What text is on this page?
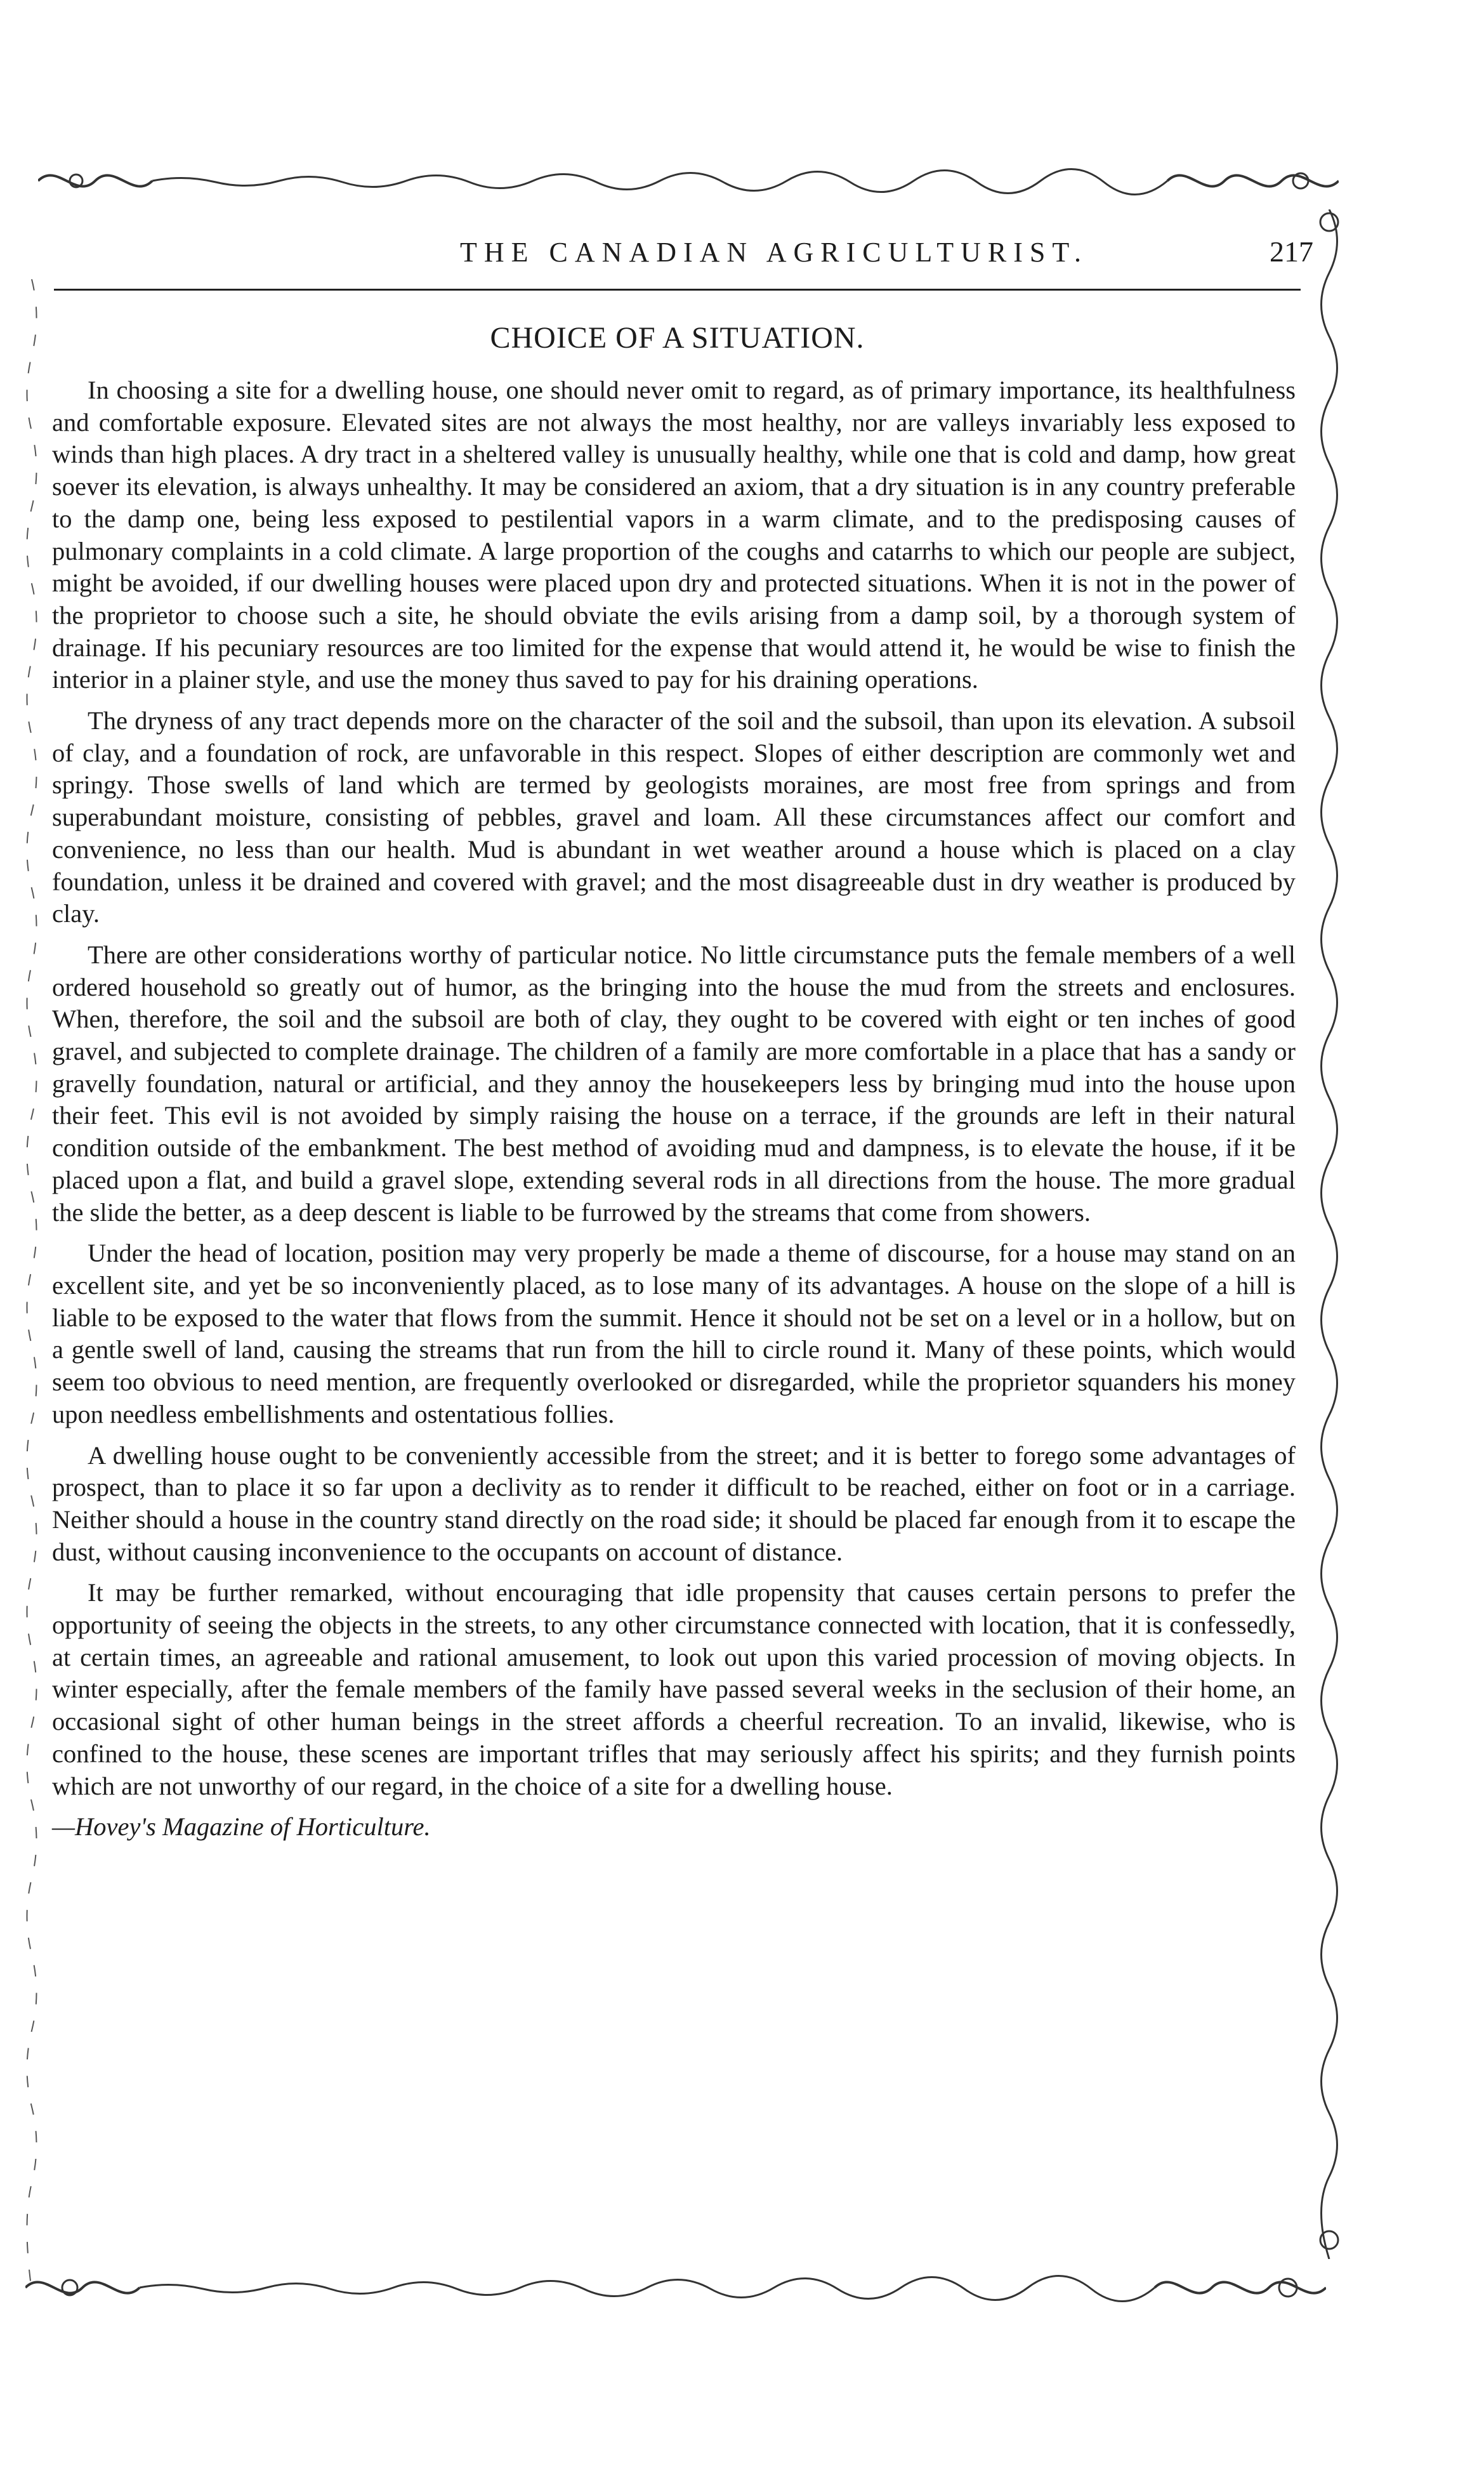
THE CANADIAN AGRICULTURIST.	217
CHOICE OF A SITUATION.

In choosing a site for a dwelling house, one should never omit to regard, as of primary importance, its healthfulness and comfortable exposure. Elevated sites are not always the most healthy, nor are valleys invariably less exposed to winds than high places. A dry tract in a sheltered valley is unusually healthy, while one that is cold and damp, how great soever its elevation, is always unhealthy. It may be considered an axiom, that a dry situation is in any country preferable to the damp one, being less exposed to pestilential vapors in a warm climate, and to the predisposing causes of pulmonary complaints in a cold climate. A large proportion of the coughs and catarrhs to which our people are subject, might be avoided, if our dwelling houses were placed upon dry and protected situations. When it is not in the power of the proprietor to choose such a site, he should obviate the evils arising from a damp soil, by a thorough system of drainage. If his pecuniary resources are too limited for the expense that would attend it, he would be wise to finish the interior in a plainer style, and use the money thus saved to pay for his draining operations.

The dryness of any tract depends more on the character of the soil and the subsoil, than upon its elevation. A subsoil of clay, and a foundation of rock, are unfavorable in this respect. Slopes of either description are commonly wet and springy. Those swells of land which are termed by geologists moraines, are most free from springs and from superabundant moisture, consisting of pebbles, gravel and loam. All these circumstances affect our comfort and convenience, no less than our health. Mud is abundant in wet weather around a house which is placed on a clay foundation, unless it be drained and covered with gravel; and the most disagreeable dust in dry weather is produced by clay.

There are other considerations worthy of particular notice. No little circumstance puts the female members of a well ordered household so greatly out of humor, as the bringing into the house the mud from the streets and enclosures. When, therefore, the soil and the subsoil are both of clay, they ought to be covered with eight or ten inches of good gravel, and subjected to complete drainage. The children of a family are more comfortable in a place that has a sandy or gravelly foundation, natural or artificial, and they annoy the housekeepers less by bringing mud into the house upon their feet. This evil is not avoided by simply raising the house on a terrace, if the grounds are left in their natural condition outside of the embankment. The best method of avoiding mud and dampness, is to elevate the house, if it be placed upon a flat, and build a gravel slope, extending several rods in all directions from the house. The more gradual the slide the better, as a deep descent is liable to be furrowed by the streams that come from showers.

Under the head of location, position may very properly be made a theme of discourse, for a house may stand on an excellent site, and yet be so inconveniently placed, as to lose many of its advantages. A house on the slope of a hill is liable to be exposed to the water that flows from the summit. Hence it should not be set on a level or in a hollow, but on a gentle swell of land, causing the streams that run from the hill to circle round it. Many of these points, which would seem too obvious to need mention, are frequently overlooked or disregarded, while the proprietor squanders his money upon needless embellishments and ostentatious follies.

A dwelling house ought to be conveniently accessible from the street; and it is better to forego some advantages of prospect, than to place it so far upon a declivity as to render it difficult to be reached, either on foot or in a carriage. Neither should a house in the country stand directly on the road side; it should be placed far enough from it to escape the dust, without causing inconvenience to the occupants on account of distance.

It may be further remarked, without encouraging that idle propensity that causes certain persons to prefer the opportunity of seeing the objects in the streets, to any other circumstance connected with location, that it is confessedly, at certain times, an agreeable and rational amusement, to look out upon this varied procession of moving objects. In winter especially, after the female members of the family have passed several weeks in the seclusion of their home, an occasional sight of other human beings in the street affords a cheerful recreation. To an invalid, likewise, who is confined to the house, these scenes are important trifles that may seriously affect his spirits; and they furnish points which are not unworthy of our regard, in the choice of a site for a dwelling house.

—Hovey's Magazine of Horticulture.
